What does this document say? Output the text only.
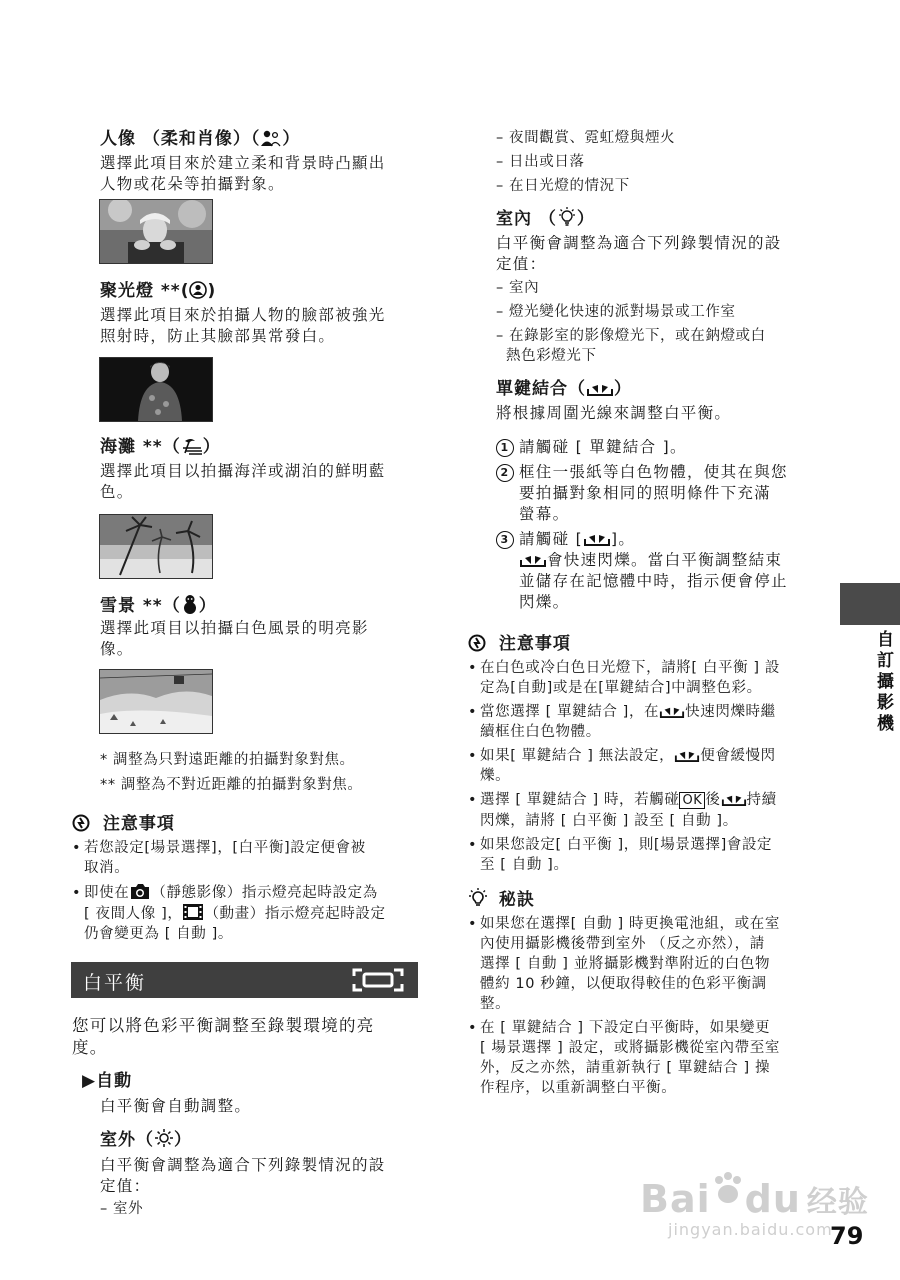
人像 （柔和肖像）（ ）
選擇此項目來於建立柔和背景時凸顯出
人物或花朵等拍攝對象。
聚光燈 **( )
選擇此項目來於拍攝人物的臉部被強光
照射時，防止其臉部異常發白。
海灘 **（ ）
選擇此項目以拍攝海洋或湖泊的鮮明藍
色。
雪景 **（ ）
選擇此項目以拍攝白色風景的明亮影
像。
* 調整為只對遠距離的拍攝對象對焦。
** 調整為不對近距離的拍攝對象對焦。
注意事項
• 若您設定[場景選擇]，[白平衡]設定便會被
取消。
• 即使在 （靜態影像）指示燈亮起時設定為
[ 夜間人像 ]， （動畫）指示燈亮起時設定
仍會變更為 [ 自動 ]。
白平衡
您可以將色彩平衡調整至錄製環境的亮
度。
▶自動
白平衡會自動調整。
室外（ ）
白平衡會調整為適合下列錄製情況的設
定值：
– 室外
– 夜間觀賞、霓虹燈與煙火
– 日出或日落
– 在日光燈的情況下
室內 （ ）
白平衡會調整為適合下列錄製情況的設
定值：
– 室內
– 燈光變化快速的派對場景或工作室
– 在錄影室的影像燈光下，或在鈉燈或白
熱色彩燈光下
單鍵結合（ ）
將根據周圍光線來調整白平衡。
1 請觸碰 [ 單鍵結合 ]。
2 框住一張紙等白色物體，使其在與您
要拍攝對象相同的照明條件下充滿
螢幕。
3 請觸碰 [ ]。
會快速閃爍。當白平衡調整結束
並儲存在記憶體中時，指示便會停止
閃爍。
注意事項
• 在白色或冷白色日光燈下，請將[ 白平衡 ] 設
定為[自動]或是在[單鍵結合]中調整色彩。
• 當您選擇 [ 單鍵結合 ]，在 快速閃爍時繼
續框住白色物體。
• 如果[ 單鍵結合 ] 無法設定， 便會緩慢閃
爍。
• 選擇 [ 單鍵結合 ] 時，若觸碰 OK 後 持續
閃爍，請將 [ 白平衡 ] 設至 [ 自動 ]。
• 如果您設定[ 白平衡 ]，則[場景選擇]會設定
至 [ 自動 ]。
秘訣
• 如果您在選擇[ 自動 ] 時更換電池組，或在室
內使用攝影機後帶到室外 （反之亦然），請
選擇 [ 自動 ] 並將攝影機對準附近的白色物
體約 10 秒鐘，以便取得較佳的色彩平衡調
整。
• 在 [ 單鍵結合 ] 下設定白平衡時，如果變更
[ 場景選擇 ] 設定，或將攝影機從室內帶至室
外，反之亦然，請重新執行 [ 單鍵結合 ] 操
作程序，以重新調整白平衡。
自訂攝影機
Bai du 经验
jingyan.baidu.com
79
